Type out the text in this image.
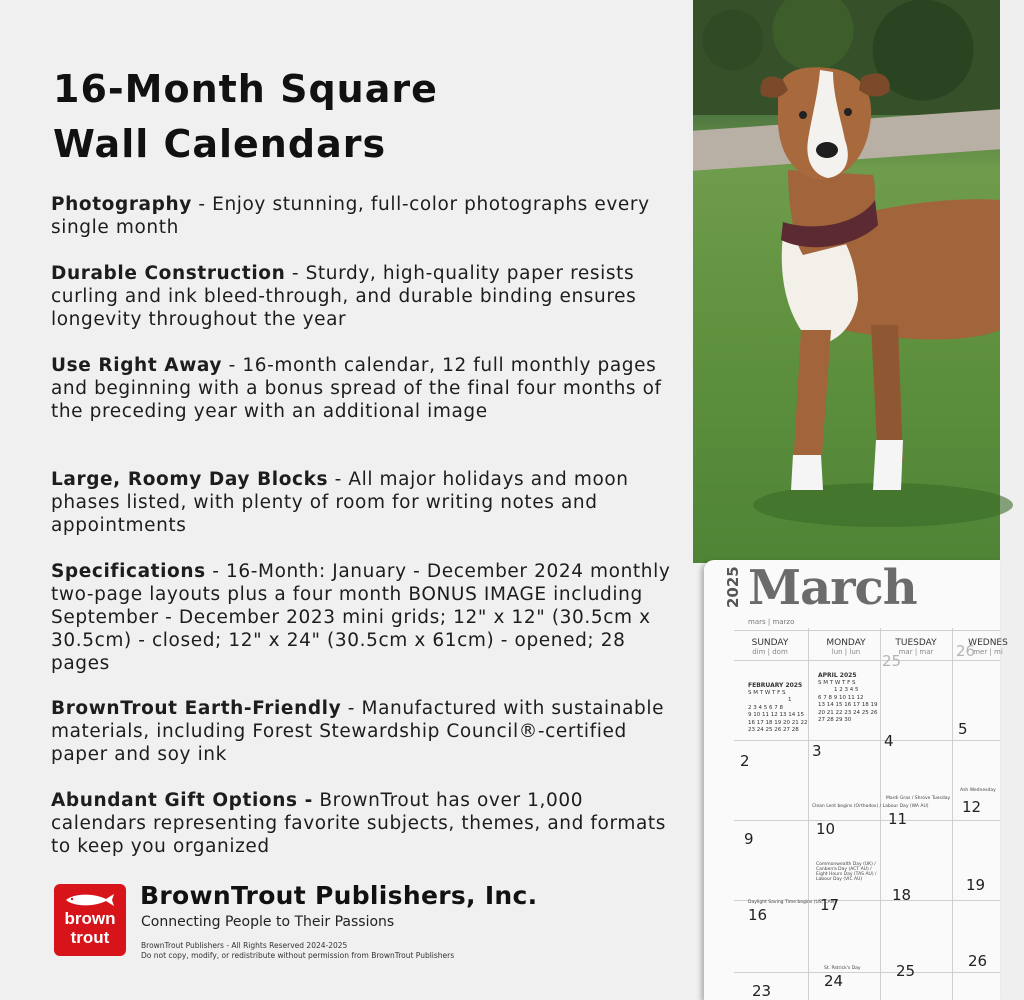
16-Month Square
Wall Calendars
Photography - Enjoy stunning, full-color photographs every single month
Durable Construction - Sturdy, high-quality paper resists curling and ink bleed-through, and durable binding ensures longevity throughout the year
Use Right Away - 16-month calendar, 12 full monthly pages and beginning with a bonus spread of the final four months of the preceding year with an additional image
Large, Roomy Day Blocks - All major holidays and moon phases listed, with plenty of room for writing notes and appointments
Specifications - 16-Month: January - December 2024 monthly two-page layouts plus a four month BONUS IMAGE including September - December 2023 mini grids; 12" x 12" (30.5cm x 30.5cm) - closed; 12" x 24" (30.5cm x 61cm) - opened; 28 pages
BrownTrout Earth-Friendly - Manufactured with sustainable materials, including Forest Stewardship Council®-certified paper and soy ink
Abundant Gift Options - BrownTrout has over 1,000 calendars representing favorite subjects, themes, and formats to keep you organized
brown
trout
BrownTrout Publishers, Inc.
Connecting People to Their Passions
BrownTrout Publishers - All Rights Reserved 2024-2025
Do not copy, modify, or redistribute without permission from BrownTrout Publishers
2025 March
mars | marzo
SUNDAY
dim | dom
MONDAY
lun | lun
TUESDAY
mar | mar
WEDNES
mer | mi
FEBRUARY 2025
S M T W T F S
1
2 3 4 5 6 7 8
9 10 11 12 13 14 15
16 17 18 19 20 21 22
23 24 25 26 27 28
APRIL 2025
S M T W T F S
1 2 3 4 5
6 7 8 9 10 11 12
13 14 15 16 17 18 19
20 21 22 23 24 25 26
27 28 29 30
25
26
2
3
4
5
Clean Lent begins (Orthodox) / Labour Day (WA AU)
Mardi Gras / Shrove Tuesday
Ash Wednesday
9
10
11
12
Commonwealth Day (UK) / Canberra Day (ACT AU) / Eight Hours Day (TAS AU) / Labour Day (VIC AU)
16
17
18
19
Daylight Saving Time begins (US, CAN)
23
24
25
26
St. Patrick's Day
